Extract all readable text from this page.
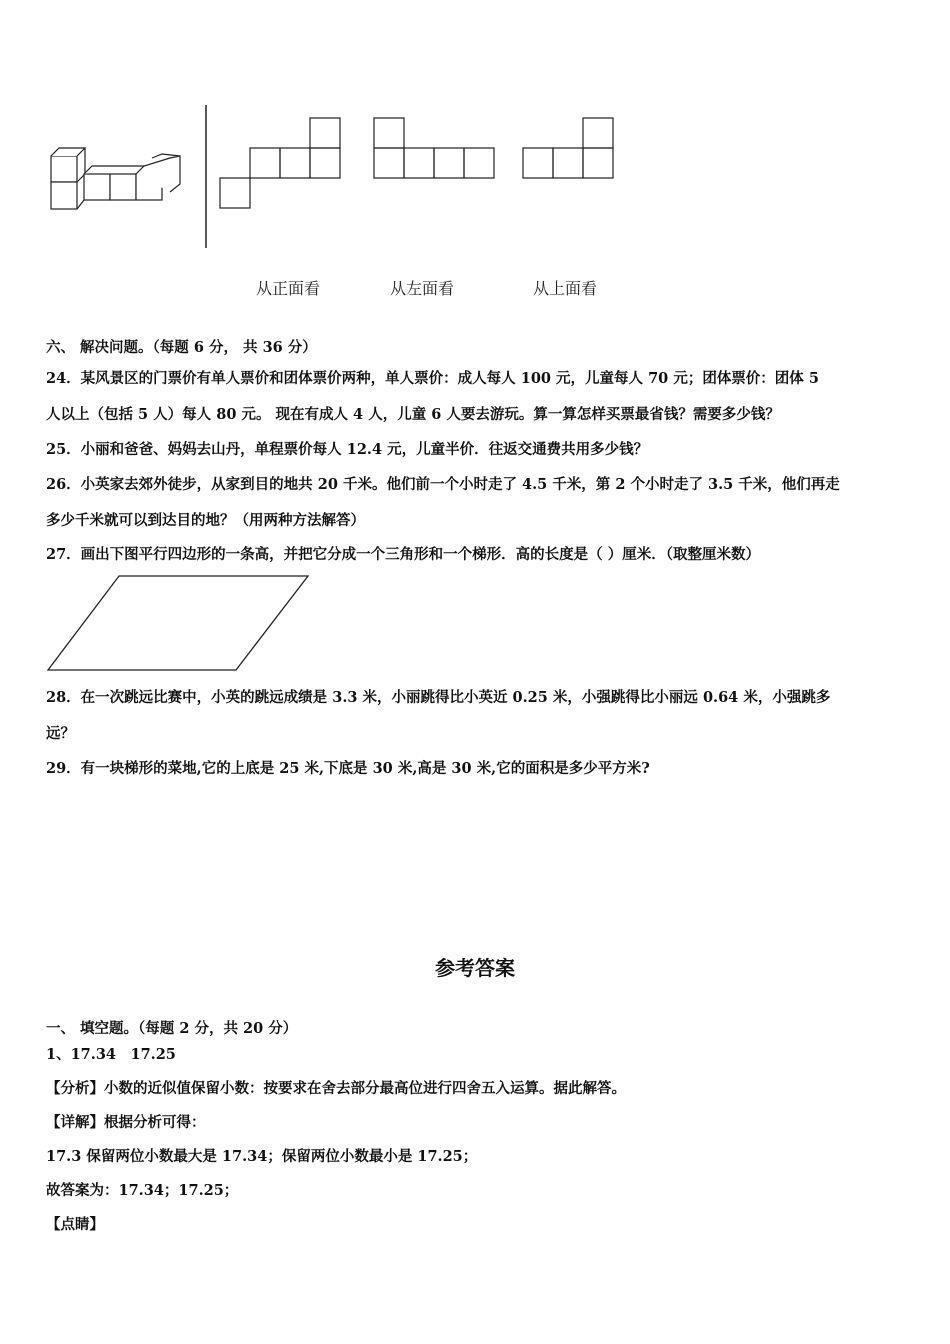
从正面看	从左面看	从上面看
六、 解决问题。（每题 6 分， 共 36 分）
24．某风景区的门票价有单人票价和团体票价两种，单人票价：成人每人 100 元，儿童每人 70 元；团体票价：团体 5
人以上（包括 5 人）每人 80 元。 现在有成人 4 人，儿童 6 人要去游玩。算一算怎样买票最省钱？需要多少钱？
25．小丽和爸爸、妈妈去山丹，单程票价每人 12.4 元，儿童半价．往返交通费共用多少钱？
26．小英家去郊外徒步，从家到目的地共 20 千米。他们前一个小时走了 4.5 千米，第 2 个小时走了 3.5 千米，他们再走
多少千米就可以到达目的地？（用两种方法解答）
27．画出下图平行四边形的一条高，并把它分成一个三角形和一个梯形．高的长度是（ ）厘米．（取整厘米数）
28．在一次跳远比赛中，小英的跳远成绩是 3.3 米，小丽跳得比小英近 0.25 米，小强跳得比小丽远 0.64 米，小强跳多
远？
29．有一块梯形的菜地,它的上底是 25 米,下底是 30 米,高是 30 米,它的面积是多少平方米?
参考答案
一、 填空题。（每题 2 分，共 20 分）
1、17.34　17.25
【分析】小数的近似值保留小数：按要求在舍去部分最高位进行四舍五入运算。据此解答。
【详解】根据分析可得：
17.3 保留两位小数最大是 17.34；保留两位小数最小是 17.25；
故答案为：17.34；17.25；
【点睛】
